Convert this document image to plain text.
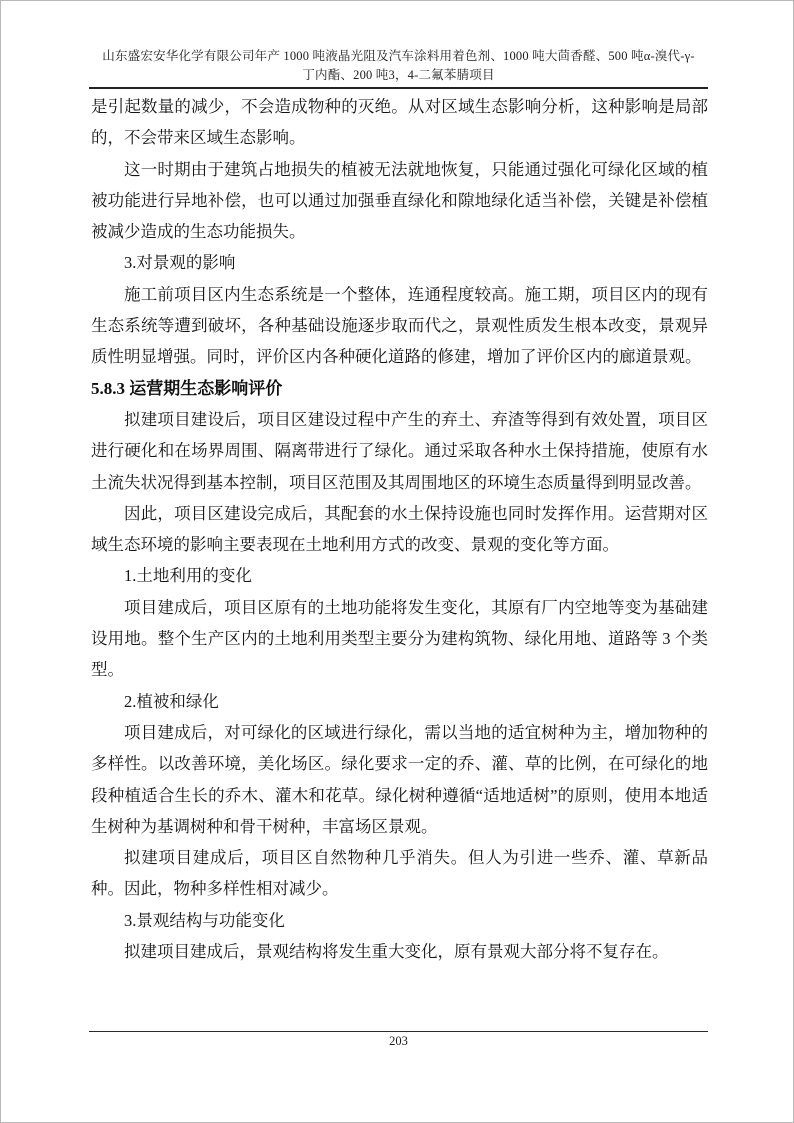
山东盛宏安华化学有限公司年产 1000 吨液晶光阻及汽车涂料用着色剂、1000 吨大茴香醛、500 吨α-溴代-γ-
丁内酯、200 吨3，4-二氟苯腈项目

是引起数量的减少，不会造成物种的灭绝。从对区域生态影响分析，这种影响是局部的，不会带来区域生态影响。

这一时期由于建筑占地损失的植被无法就地恢复，只能通过强化可绿化区域的植被功能进行异地补偿，也可以通过加强垂直绿化和隙地绿化适当补偿，关键是补偿植被减少造成的生态功能损失。

3.对景观的影响

施工前项目区内生态系统是一个整体，连通程度较高。施工期，项目区内的现有生态系统等遭到破坏，各种基础设施逐步取而代之，景观性质发生根本改变，景观异质性明显增强。同时，评价区内各种硬化道路的修建，增加了评价区内的廊道景观。

5.8.3 运营期生态影响评价

拟建项目建设后，项目区建设过程中产生的弃土、弃渣等得到有效处置，项目区进行硬化和在场界周围、隔离带进行了绿化。通过采取各种水土保持措施，使原有水土流失状况得到基本控制，项目区范围及其周围地区的环境生态质量得到明显改善。

因此，项目区建设完成后，其配套的水土保持设施也同时发挥作用。运营期对区域生态环境的影响主要表现在土地利用方式的改变、景观的变化等方面。

1.土地利用的变化

项目建成后，项目区原有的土地功能将发生变化，其原有厂内空地等变为基础建设用地。整个生产区内的土地利用类型主要分为建构筑物、绿化用地、道路等 3 个类型。

2.植被和绿化

项目建成后，对可绿化的区域进行绿化，需以当地的适宜树种为主，增加物种的多样性。以改善环境，美化场区。绿化要求一定的乔、灌、草的比例，在可绿化的地段种植适合生长的乔木、灌木和花草。绿化树种遵循“适地适树”的原则，使用本地适生树种为基调树种和骨干树种，丰富场区景观。

拟建项目建成后，项目区自然物种几乎消失。但人为引进一些乔、灌、草新品种。因此，物种多样性相对减少。

3.景观结构与功能变化

拟建项目建成后，景观结构将发生重大变化，原有景观大部分将不复存在。

203
